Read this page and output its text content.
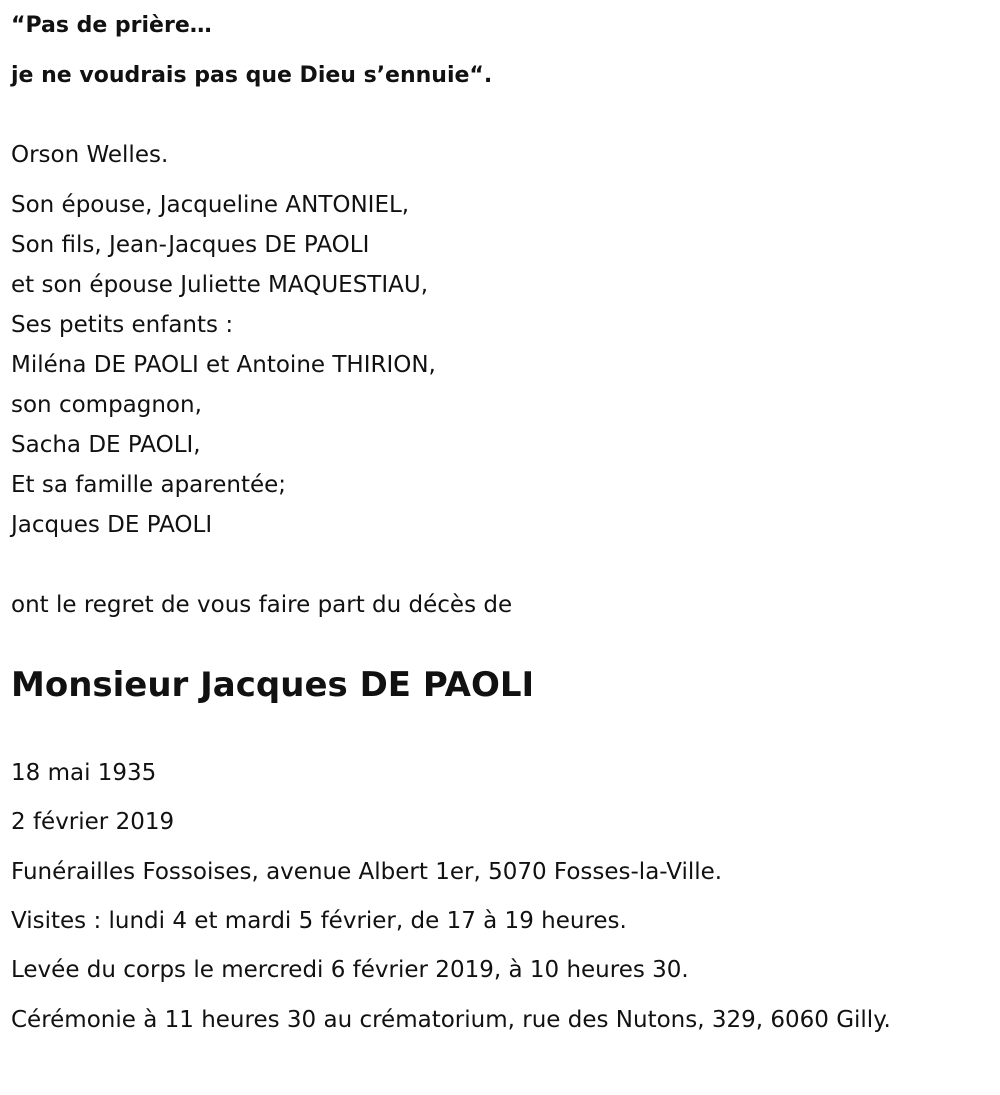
“Pas de prière…

je ne voudrais pas que Dieu s’ennuie“.

Orson Welles.

Son épouse, Jacqueline ANTONIEL,

Son fils, Jean-Jacques DE PAOLI

et son épouse Juliette MAQUESTIAU,

Ses petits enfants :

Miléna DE PAOLI et Antoine THIRION,

son compagnon,

Sacha DE PAOLI,

Et sa famille aparentée;

Jacques DE PAOLI

ont le regret de vous faire part du décès de

Monsieur Jacques DE PAOLI

18 mai 1935

2 février 2019

Funérailles Fossoises, avenue Albert 1er, 5070 Fosses-la-Ville.

Visites : lundi 4 et mardi 5 février, de 17 à 19 heures.

Levée du corps le mercredi 6 février 2019, à 10 heures 30.

Cérémonie à 11 heures 30 au crématorium, rue des Nutons, 329, 6060 Gilly.
